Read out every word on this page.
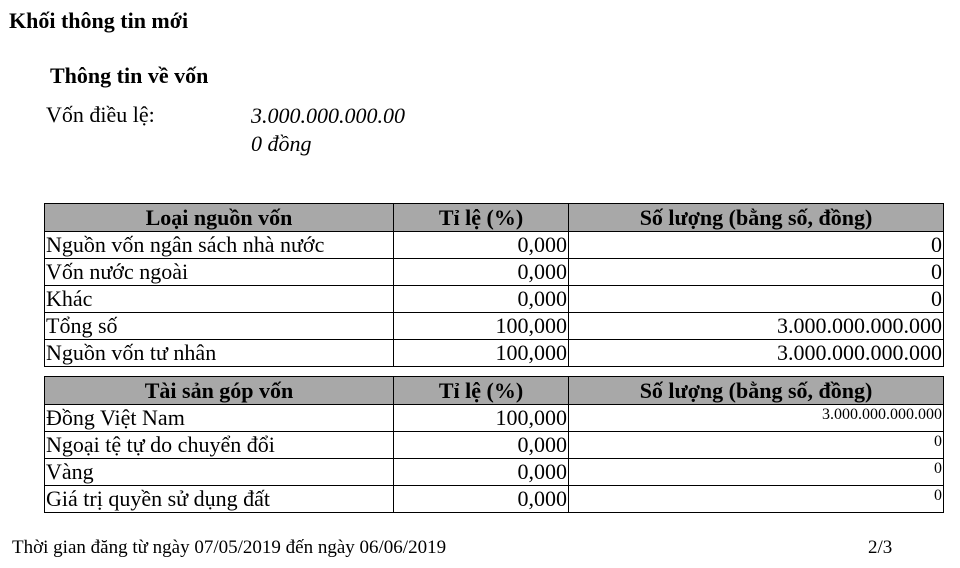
Khối thông tin mới
Thông tin về vốn
Vốn điều lệ:	3.000.000.000.00
0 đồng
Loại nguồn vốn	Tỉ lệ (%)	Số lượng (bằng số, đồng)
Nguồn vốn ngân sách nhà nước	0,000	0
Vốn nước ngoài	0,000	0
Khác	0,000	0
Tổng số	100,000	3.000.000.000.000
Nguồn vốn tư nhân	100,000	3.000.000.000.000
Tài sản góp vốn	Tỉ lệ (%)	Số lượng (bằng số, đồng)
Đồng Việt Nam	100,000	3.000.000.000.000
Ngoại tệ tự do chuyển đổi	0,000	0
Vàng	0,000	0
Giá trị quyền sử dụng đất	0,000	0
Thời gian đăng từ ngày 07/05/2019 đến ngày 06/06/2019	2/3
